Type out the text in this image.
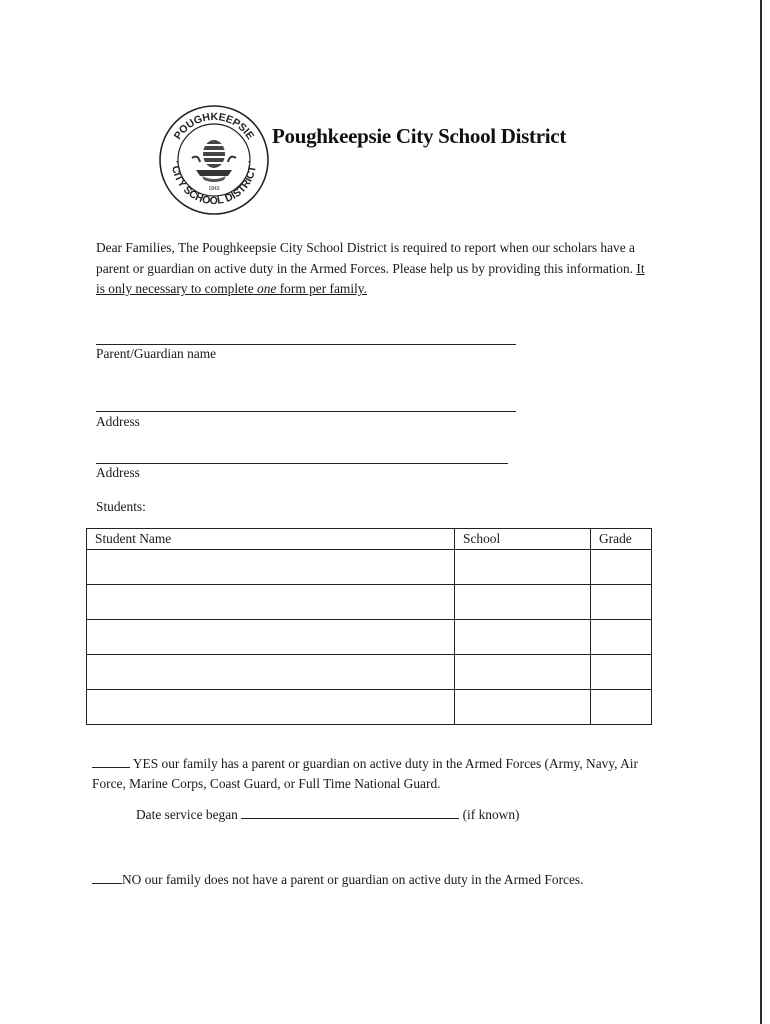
POUGHKEEPSIE
CITY SCHOOL DISTRICT
1843
•	•
Poughkeepsie City School District
Dear Families, The Poughkeepsie City School District is required to report when our scholars have a parent or guardian on active duty in the Armed Forces. Please help us by providing this information. It is only necessary to complete one form per family.
Parent/Guardian name
Address
Address
Students:
Student Name	School	Grade

YES our family has a parent or guardian on active duty in the Armed Forces (Army, Navy, Air Force, Marine Corps, Coast Guard, or Full Time National Guard.
Date service began	(if known)
NO our family does not have a parent or guardian on active duty in the Armed Forces.
